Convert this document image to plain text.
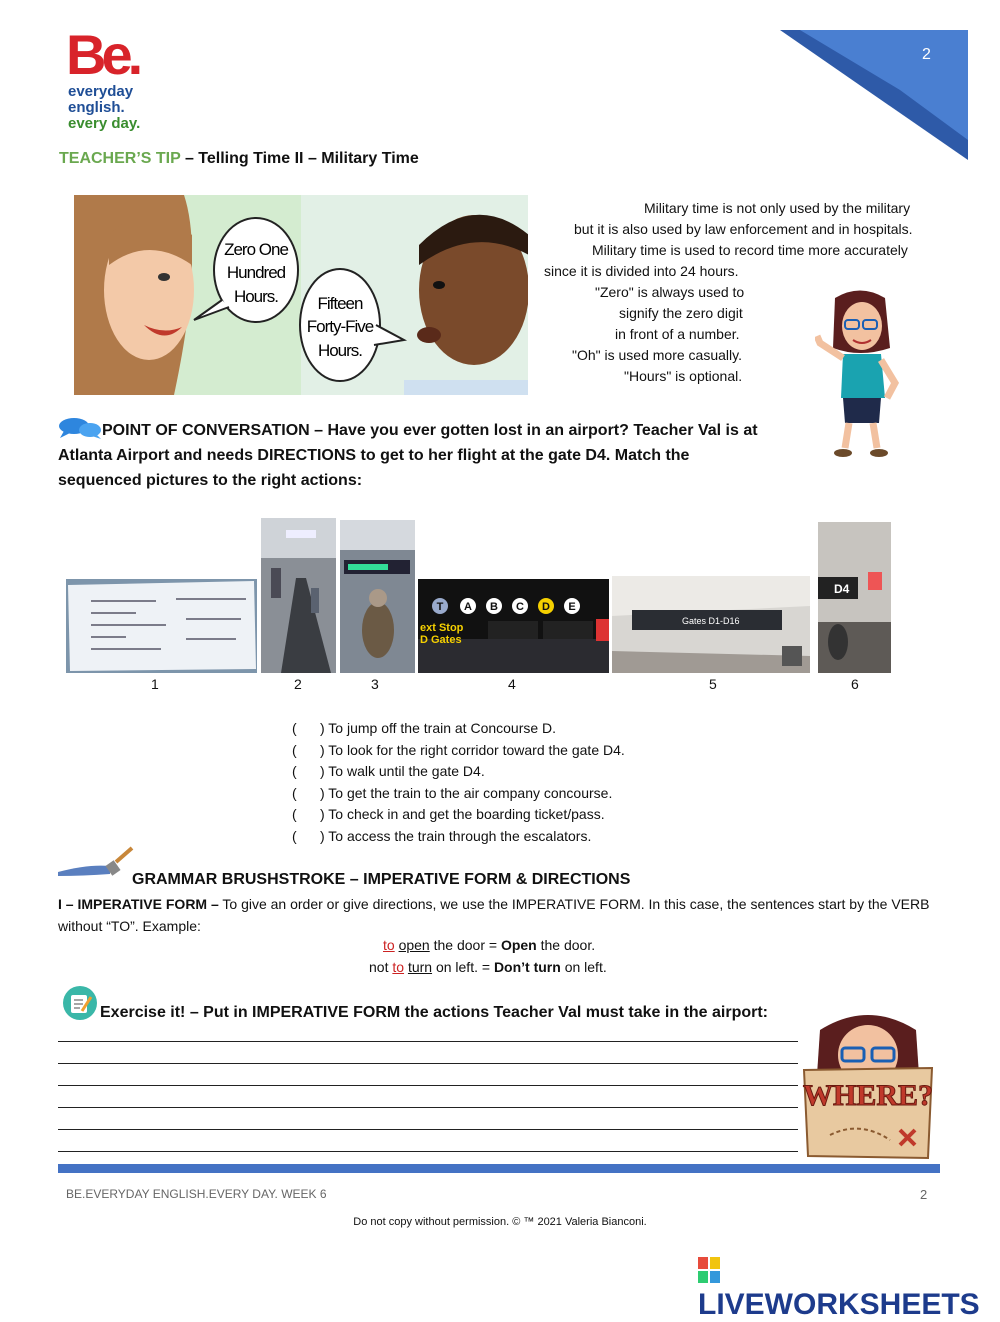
Be.
everyday
english.
every day.
2
TEACHER’S TIP – Telling Time II – Military Time
Zero One
Hundred
Hours. Fifteen
Forty-Five
Hours.
Military time is not only used by the military
but it is also used by law enforcement and in hospitals.
Military time is used to record time more accurately
since it is divided into 24 hours.
"Zero" is always used to
signify the zero digit
in front of a number.
"Oh" is used more casually.
"Hours" is optional.
POINT OF CONVERSATION – Have you ever gotten lost in an airport? Teacher Val is at Atlanta Airport and needs DIRECTIONS to get to her flight at the gate D4. Match the sequenced pictures to the right actions:
T A B C D E
ext Stop
D Gates
Gates D1-D16
D4
1	2	3	4	5	6
( ) To jump off the train at Concourse D.
( ) To look for the right corridor toward the gate D4.
( ) To walk until the gate D4.
( ) To get the train to the air company concourse.
( ) To check in and get the boarding ticket/pass.
( ) To access the train through the escalators.
GRAMMAR BRUSHSTROKE – IMPERATIVE FORM & DIRECTIONS
I – IMPERATIVE FORM – To give an order or give directions, we use the IMPERATIVE FORM. In this case, the sentences start by the VERB without “TO”. Example:
to open the door = Open the door.
not to turn on left. = Don’t turn on left.
Exercise it! – Put in IMPERATIVE FORM the actions Teacher Val must take in the airport:
WHERE?
BE.EVERYDAY ENGLISH.EVERY DAY. WEEK 6	2
Do not copy without permission. © ™ 2021 Valeria Bianconi.
LIVEWORKSHEETS
